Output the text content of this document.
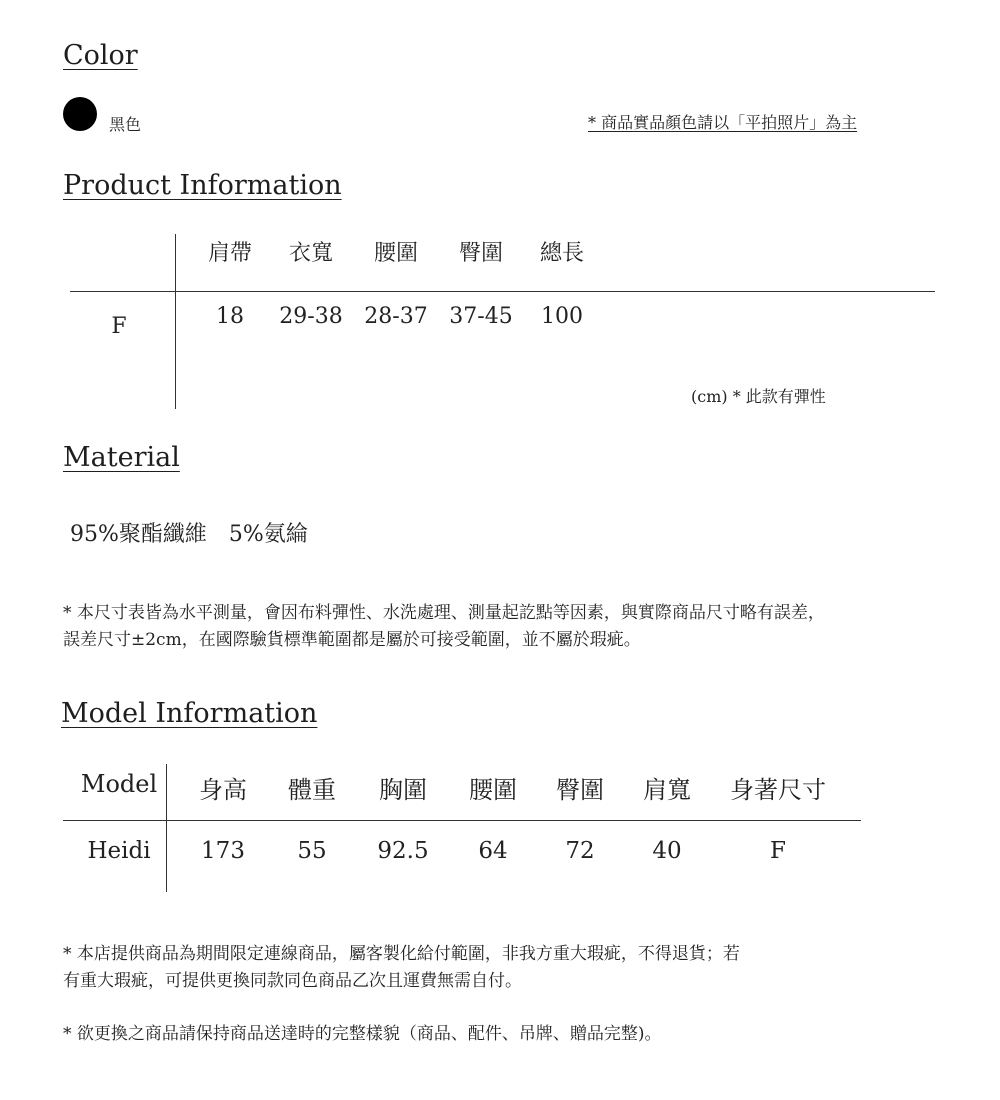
Color
黑色	* 商品實品顏色請以「平拍照片」為主
Product Information
肩帶 衣寬 腰圍 臀圍 總長
F	18 29-38 28-37 37-45 100
(cm) * 此款有彈性
Material
95%聚酯纖維　5%氨綸
* 本尺寸表皆為水平測量，會因布料彈性、水洗處理、測量起訖點等因素，與實際商品尺寸略有誤差，
誤差尺寸±2cm，在國際驗貨標準範圍都是屬於可接受範圍，並不屬於瑕疵。
Model Information
Model 身高 體重 胸圍 腰圍 臀圍 肩寬 身著尺寸
Heidi 173 55 92.5 64	72	40	F
* 本店提供商品為期間限定連線商品，屬客製化給付範圍，非我方重大瑕疵，不得退貨；若
有重大瑕疵，可提供更換同款同色商品乙次且運費無需自付。
* 欲更換之商品請保持商品送達時的完整樣貌（商品、配件、吊牌、贈品完整)。
